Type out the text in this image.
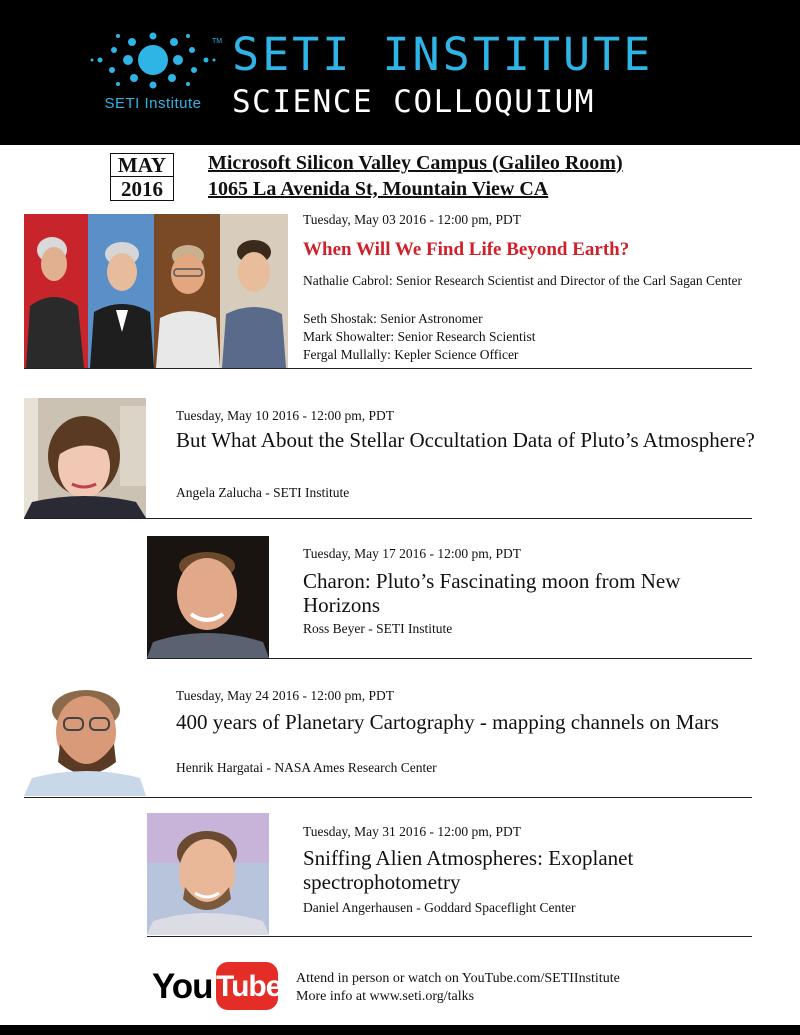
TM
SETI Institute
SETI INSTITUTE
SCIENCE COLLOQUIUM
MAY
2016
Microsoft Silicon Valley Campus (Galileo Room)
1065 La Avenida St, Mountain View CA
Tuesday, May 03 2016 - 12:00 pm, PDT
When Will We Find Life Beyond Earth?
Nathalie Cabrol: Senior Research Scientist and Director of the Carl Sagan Center
Seth Shostak: Senior Astronomer
Mark Showalter: Senior Research Scientist
Fergal Mullally: Kepler Science Officer
Tuesday, May 10 2016 - 12:00 pm, PDT
But What About the Stellar Occultation Data of Pluto’s Atmosphere?
Angela Zalucha - SETI Institute
Tuesday, May 17 2016 - 12:00 pm, PDT
Charon: Pluto’s Fascinating moon from New Horizons
Ross Beyer - SETI Institute
Tuesday, May 24 2016 - 12:00 pm, PDT
400 years of Planetary Cartography - mapping channels on Mars
Henrik Hargatai - NASA Ames Research Center
Tuesday, May 31 2016 - 12:00 pm, PDT
Sniffing Alien Atmospheres: Exoplanet spectrophotometry
Daniel Angerhausen - Goddard Spaceflight Center
You Tube Attend in person or watch on YouTube.com/SETIInstitute
More info at www.seti.org/talks
